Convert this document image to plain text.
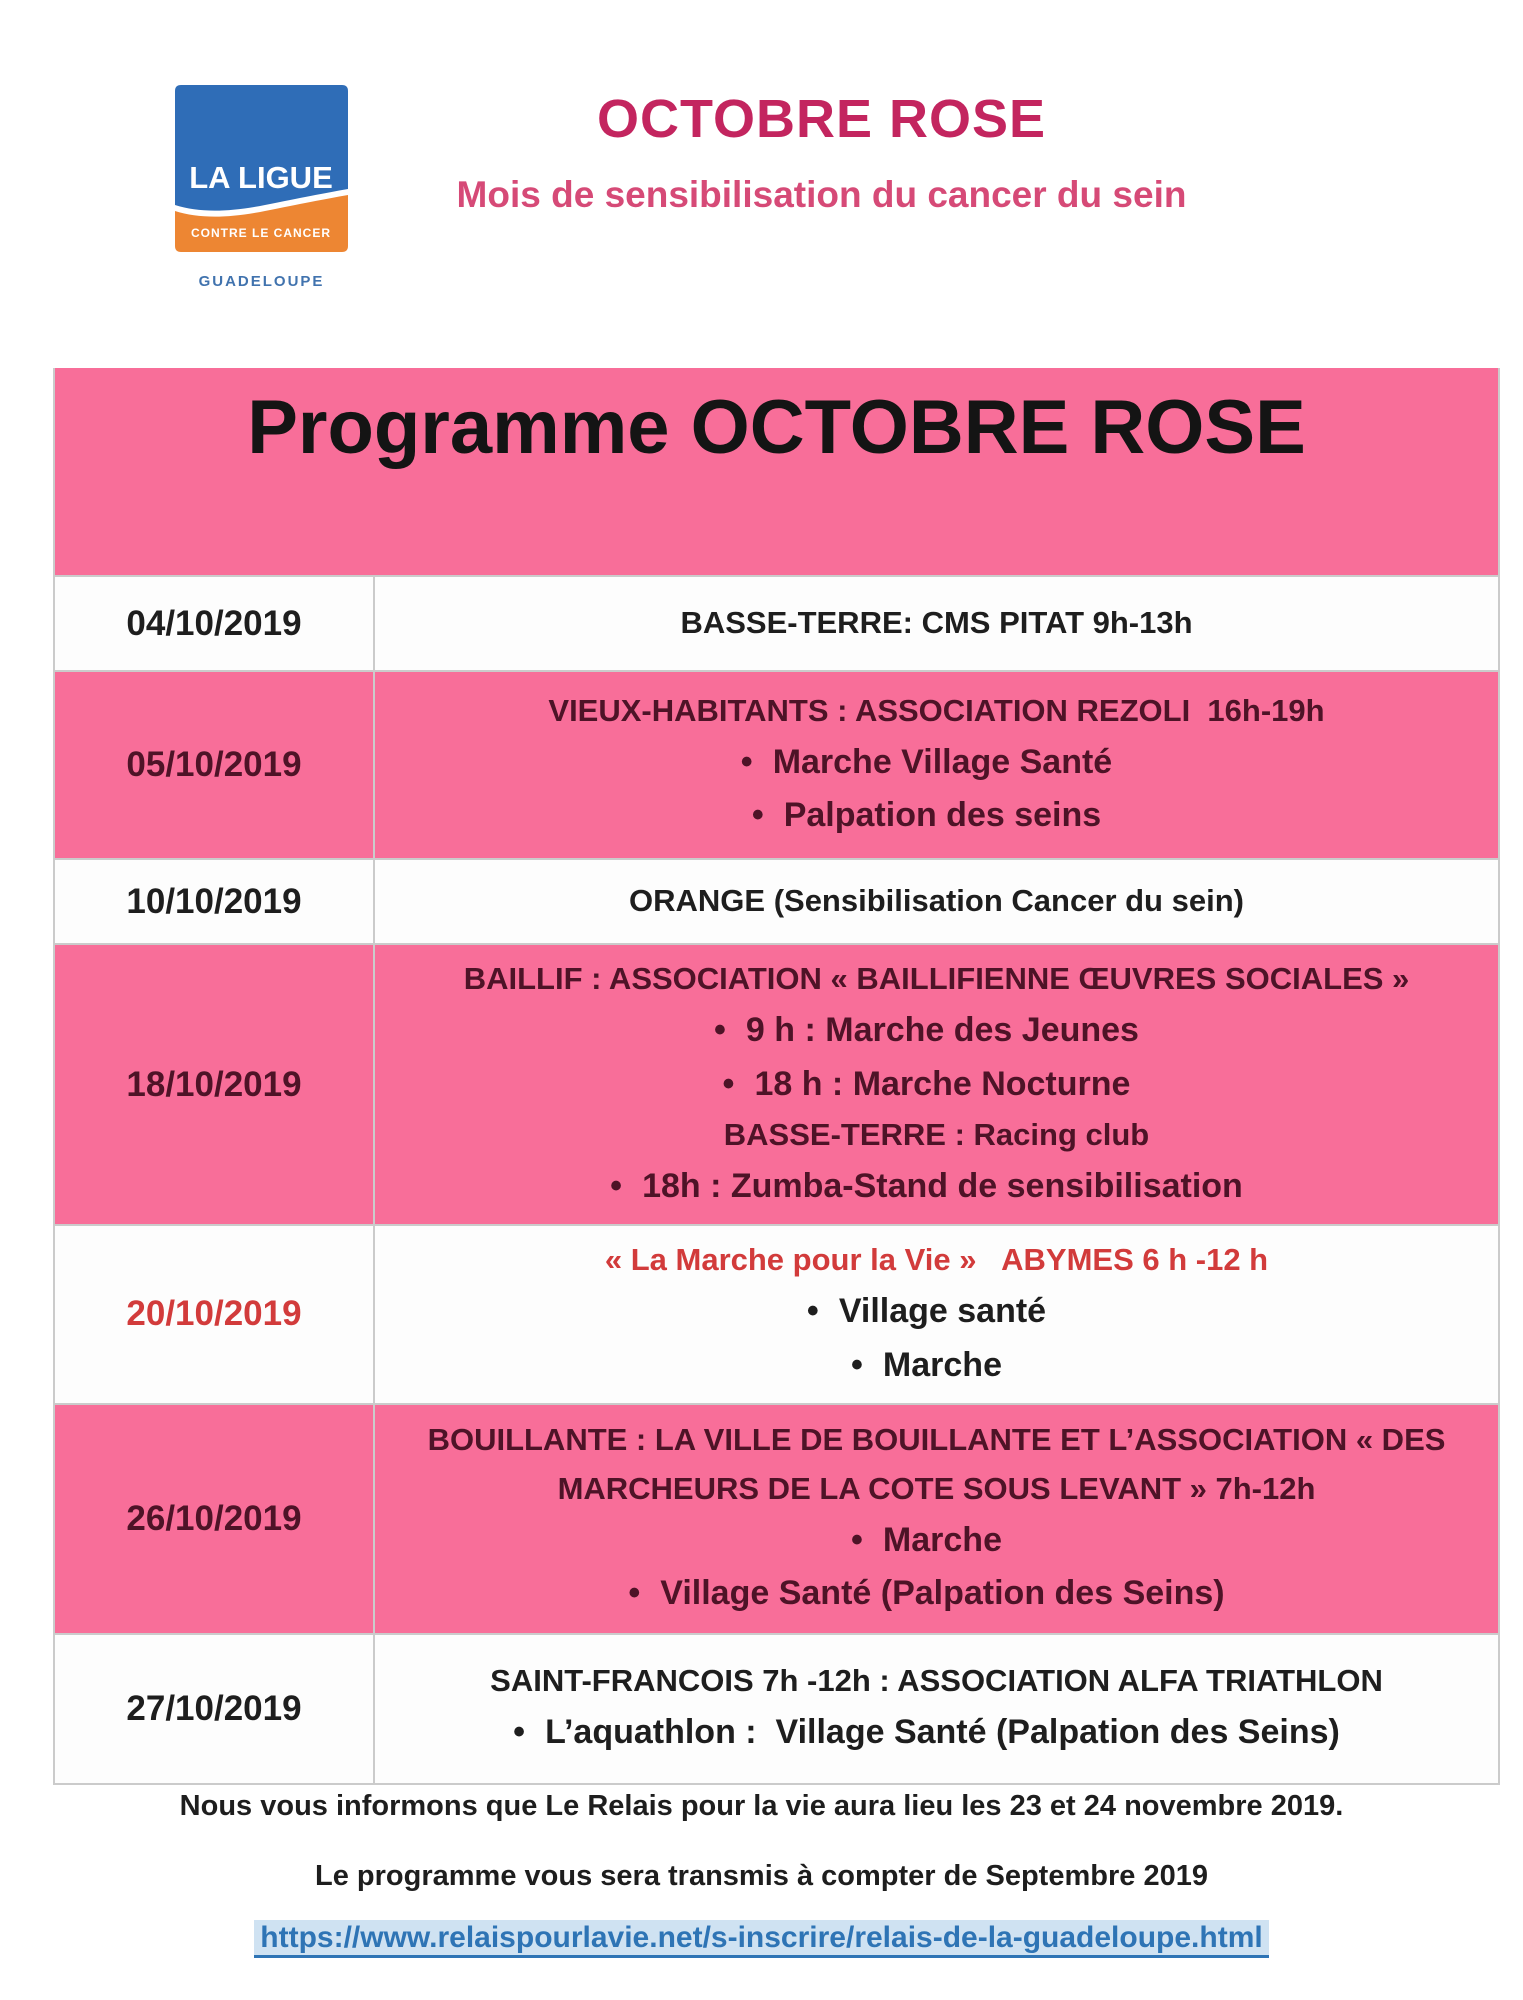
LA LIGUE
CONTRE LE CANCER
GUADELOUPE
OCTOBRE ROSE
Mois de sensibilisation du cancer du sein
Programme OCTOBRE ROSE
04/10/2019	BASSE-TERRE: CMS PITAT 9h-13h
05/10/2019
VIEUX-HABITANTS : ASSOCIATION REZOLI  16h-19h
• Marche Village Santé
• Palpation des seins
10/10/2019	ORANGE (Sensibilisation Cancer du sein)
18/10/2019
BAILLIF : ASSOCIATION « BAILLIFIENNE ŒUVRES SOCIALES »
• 9 h : Marche des Jeunes
• 18 h : Marche Nocturne
BASSE-TERRE : Racing club
• 18h : Zumba-Stand de sensibilisation
20/10/2019
« La Marche pour la Vie »   ABYMES 6 h -12 h
• Village santé
• Marche
26/10/2019
BOUILLANTE : LA VILLE DE BOUILLANTE ET L’ASSOCIATION « DES MARCHEURS DE LA COTE SOUS LEVANT » 7h-12h
• Marche
• Village Santé (Palpation des Seins)
27/10/2019
SAINT-FRANCOIS 7h -12h : ASSOCIATION ALFA TRIATHLON
• L’aquathlon :  Village Santé (Palpation des Seins)
Nous vous informons que Le Relais pour la vie aura lieu les 23 et 24 novembre 2019.
Le programme vous sera transmis à compter de Septembre 2019
https://www.relaispourlavie.net/s-inscrire/relais-de-la-guadeloupe.html
